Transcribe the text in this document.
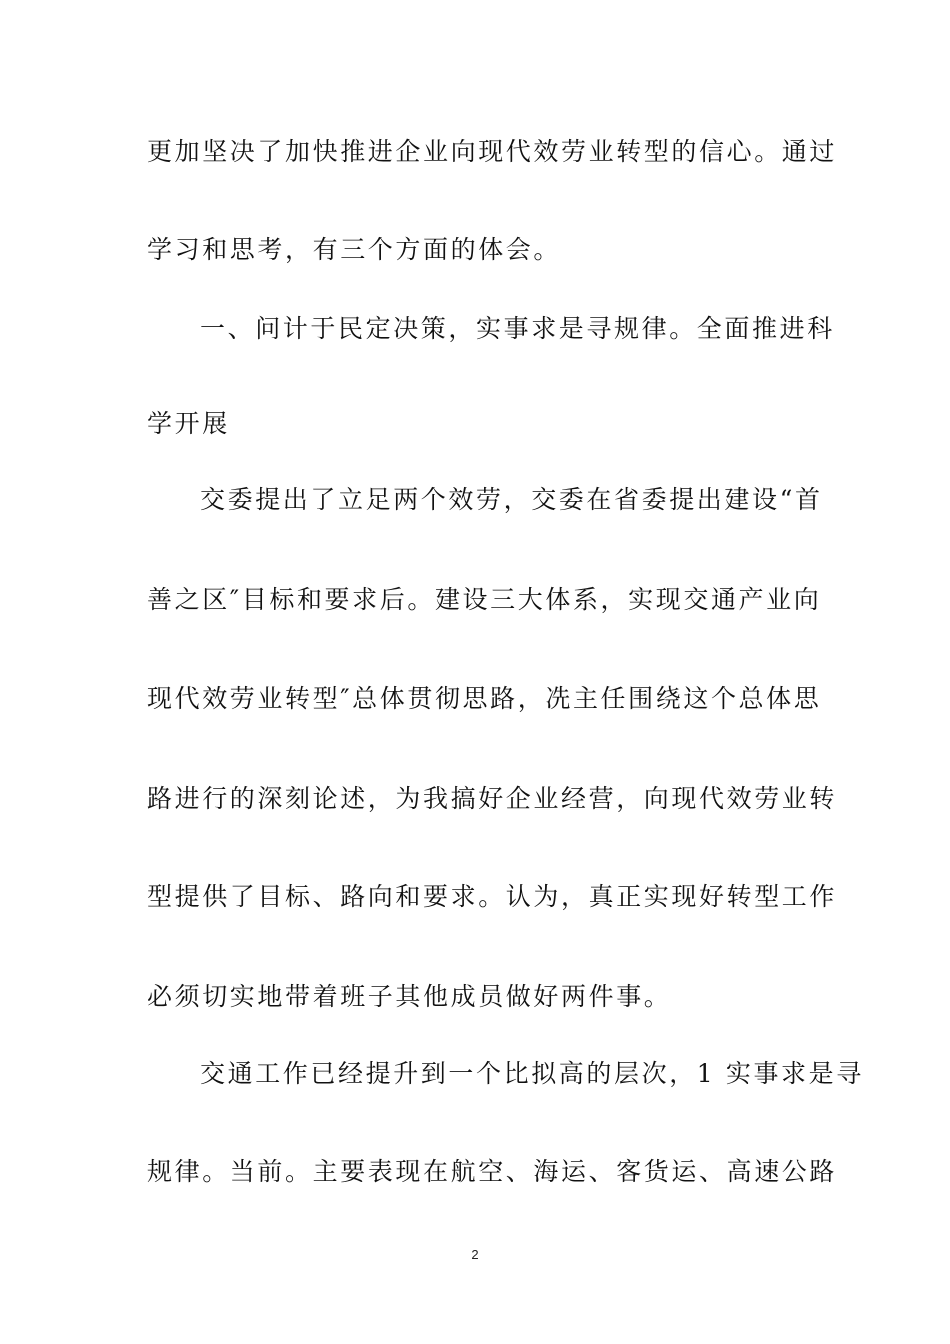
更加坚决了加快推进企业向现代效劳业转型的信心。通过
学习和思考，有三个方面的体会。
一、问计于民定决策，实事求是寻规律。全面推进科
学开展
交委提出了立足两个效劳，交委在省委提出建设“首
善之区″目标和要求后。建设三大体系，实现交通产业向
现代效劳业转型″总体贯彻思路，冼主任围绕这个总体思
路进行的深刻论述，为我搞好企业经营，向现代效劳业转
型提供了目标、路向和要求。认为，真正实现好转型工作
必须切实地带着班子其他成员做好两件事。
交通工作已经提升到一个比拟高的层次，1 实事求是寻
规律。当前。主要表现在航空、海运、客货运、高速公路
2
